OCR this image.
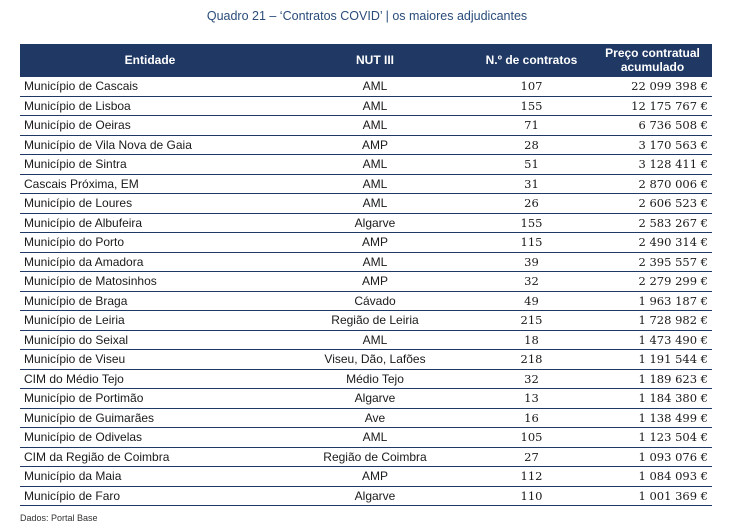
Quadro 21 – ‘Contratos COVID’ | os maiores adjudicantes
Entidade	NUT III	N.º de contratos	Preço contratual
acumulado
Município de Cascais	AML	107	22 099 398 €
Município de Lisboa	AML	155	12 175 767 €
Município de Oeiras	AML	71	6 736 508 €
Município de Vila Nova de Gaia	AMP	28	3 170 563 €
Município de Sintra	AML	51	3 128 411 €
Cascais Próxima, EM	AML	31	2 870 006 €
Município de Loures	AML	26	2 606 523 €
Município de Albufeira	Algarve	155	2 583 267 €
Município do Porto	AMP	115	2 490 314 €
Município da Amadora	AML	39	2 395 557 €
Município de Matosinhos	AMP	32	2 279 299 €
Município de Braga	Cávado	49	1 963 187 €
Município de Leiria	Região de Leiria	215	1 728 982 €
Município do Seixal	AML	18	1 473 490 €
Município de Viseu	Viseu, Dão, Lafões	218	1 191 544 €
CIM do Médio Tejo	Médio Tejo	32	1 189 623 €
Município de Portimão	Algarve	13	1 184 380 €
Município de Guimarães	Ave	16	1 138 499 €
Município de Odivelas	AML	105	1 123 504 €
CIM da Região de Coimbra	Região de Coimbra	27	1 093 076 €
Município da Maia	AMP	112	1 084 093 €
Município de Faro	Algarve	110	1 001 369 €
Dados: Portal Base
